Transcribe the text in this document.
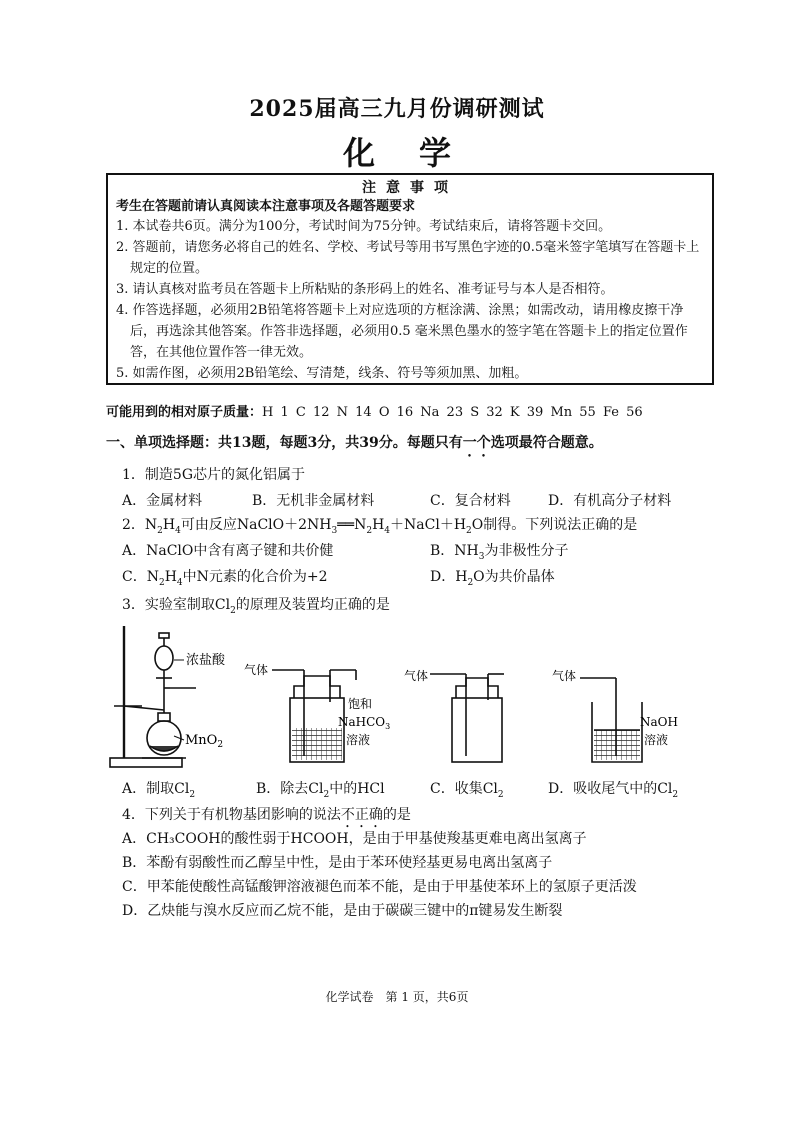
2025届高三九月份调研测试
化学
注意事项
考生在答题前请认真阅读本注意事项及各题答题要求
1. 本试卷共6页。满分为100分，考试时间为75分钟。考试结束后，请将答题卡交回。
2. 答题前，请您务必将自己的姓名、学校、考试号等用书写黑色字迹的0.5毫米签字笔填写在答题卡上规定的位置。
3. 请认真核对监考员在答题卡上所粘贴的条形码上的姓名、准考证号与本人是否相符。
4. 作答选择题，必须用2B铅笔将答题卡上对应选项的方框涂满、涂黑；如需改动，请用橡皮擦干净后，再选涂其他答案。作答非选择题，必须用0.5 毫米黑色墨水的签字笔在答题卡上的指定位置作答，在其他位置作答一律无效。
5. 如需作图，必须用2B铅笔绘、写清楚，线条、符号等须加黑、加粗。
可能用到的相对原子质量：H 1 C 12 N 14 O 16 Na 23 S 32 K 39 Mn 55 Fe 56
一、单项选择题：共13题，每题3分，共39分。每题只有一个选项最符合题意。
1．制造5G芯片的氮化铝属于
A．金属材料	B．无机非金属材料	C．复合材料	D．有机高分子材料
2．$N_2H_4$可由反应$NaClO+2NH_3══N_2H_4+NaCl+H_2O$制得。下列说法正确的是
A．NaClO中含有离子键和共价健	B．$NH_3$为非极性分子
C．$N_2H_4$中N元素的化合价为+2	D．$H_2O$为共价晶体
3．实验室制取$Cl_2$的原理及装置均正确的是
浓盐酸
MnO$_2$
气体
饱和
NaHCO$_3$
溶液
气体	气体
NaOH
溶液
A．制取$Cl_2$	B．除去$Cl_2$中的HCl	C．收集$Cl_2$	D．吸收尾气中的$Cl_2$
4．下列关于有机物基团影响的说法不正确的是
A．CH₃COOH的酸性弱于HCOOH，是由于甲基使羧基更难电离出氢离子
B．苯酚有弱酸性而乙醇呈中性，是由于苯环使羟基更易电离出氢离子
C．甲苯能使酸性高锰酸钾溶液褪色而苯不能，是由于甲基使苯环上的氢原子更活泼
D．乙炔能与溴水反应而乙烷不能，是由于碳碳三键中的π键易发生断裂
化学试卷　第 1 页，共6页
